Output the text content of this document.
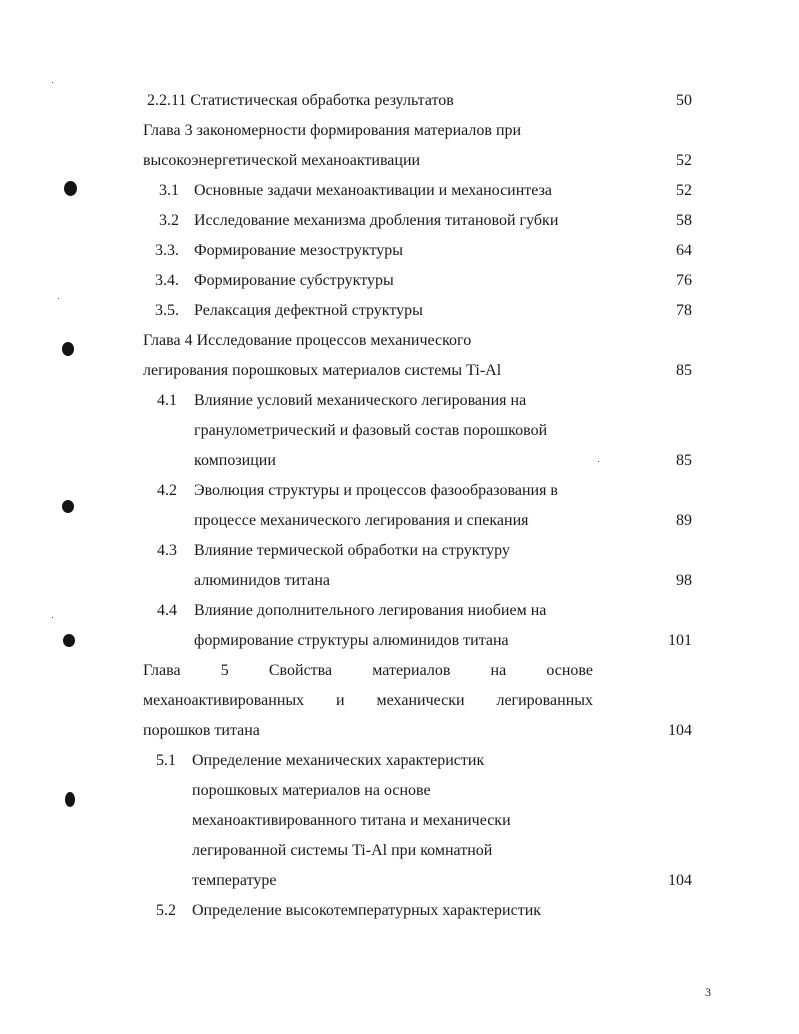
2.2.11 Статистическая обработка результатов	50
Глава 3 закономерности формирования материалов при
высокоэнергетической механоактивации	52
3.1 Основные задачи механоактивации и механосинтеза	52
3.2 Исследование механизма дробления титановой губки	58
3.3. Формирование мезоструктуры	64
3.4. Формирование субструктуры	76
3.5. Релаксация дефектной структуры	78
Глава 4 Исследование процессов механического
легирования порошковых материалов системы Ti-Al	85
4.1 Влияние условий механического легирования на
гранулометрический и фазовый состав порошковой
композиции	85
4.2 Эволюция структуры и процессов фазообразования в
процессе механического легирования и спекания	89
4.3 Влияние термической обработки на структуру
алюминидов титана	98
4.4 Влияние дополнительного легирования ниобием на
формирование структуры алюминидов титана	101
Глава 5 Свойства материалов на основе
механоактивированных и механически легированных
порошков титана	104
5.1 Определение механических характеристик
порошковых материалов на основе
механоактивированного титана и механически
легированной системы Ti-Al при комнатной
температуре	104
5.2 Определение высокотемпературных характеристик
3
